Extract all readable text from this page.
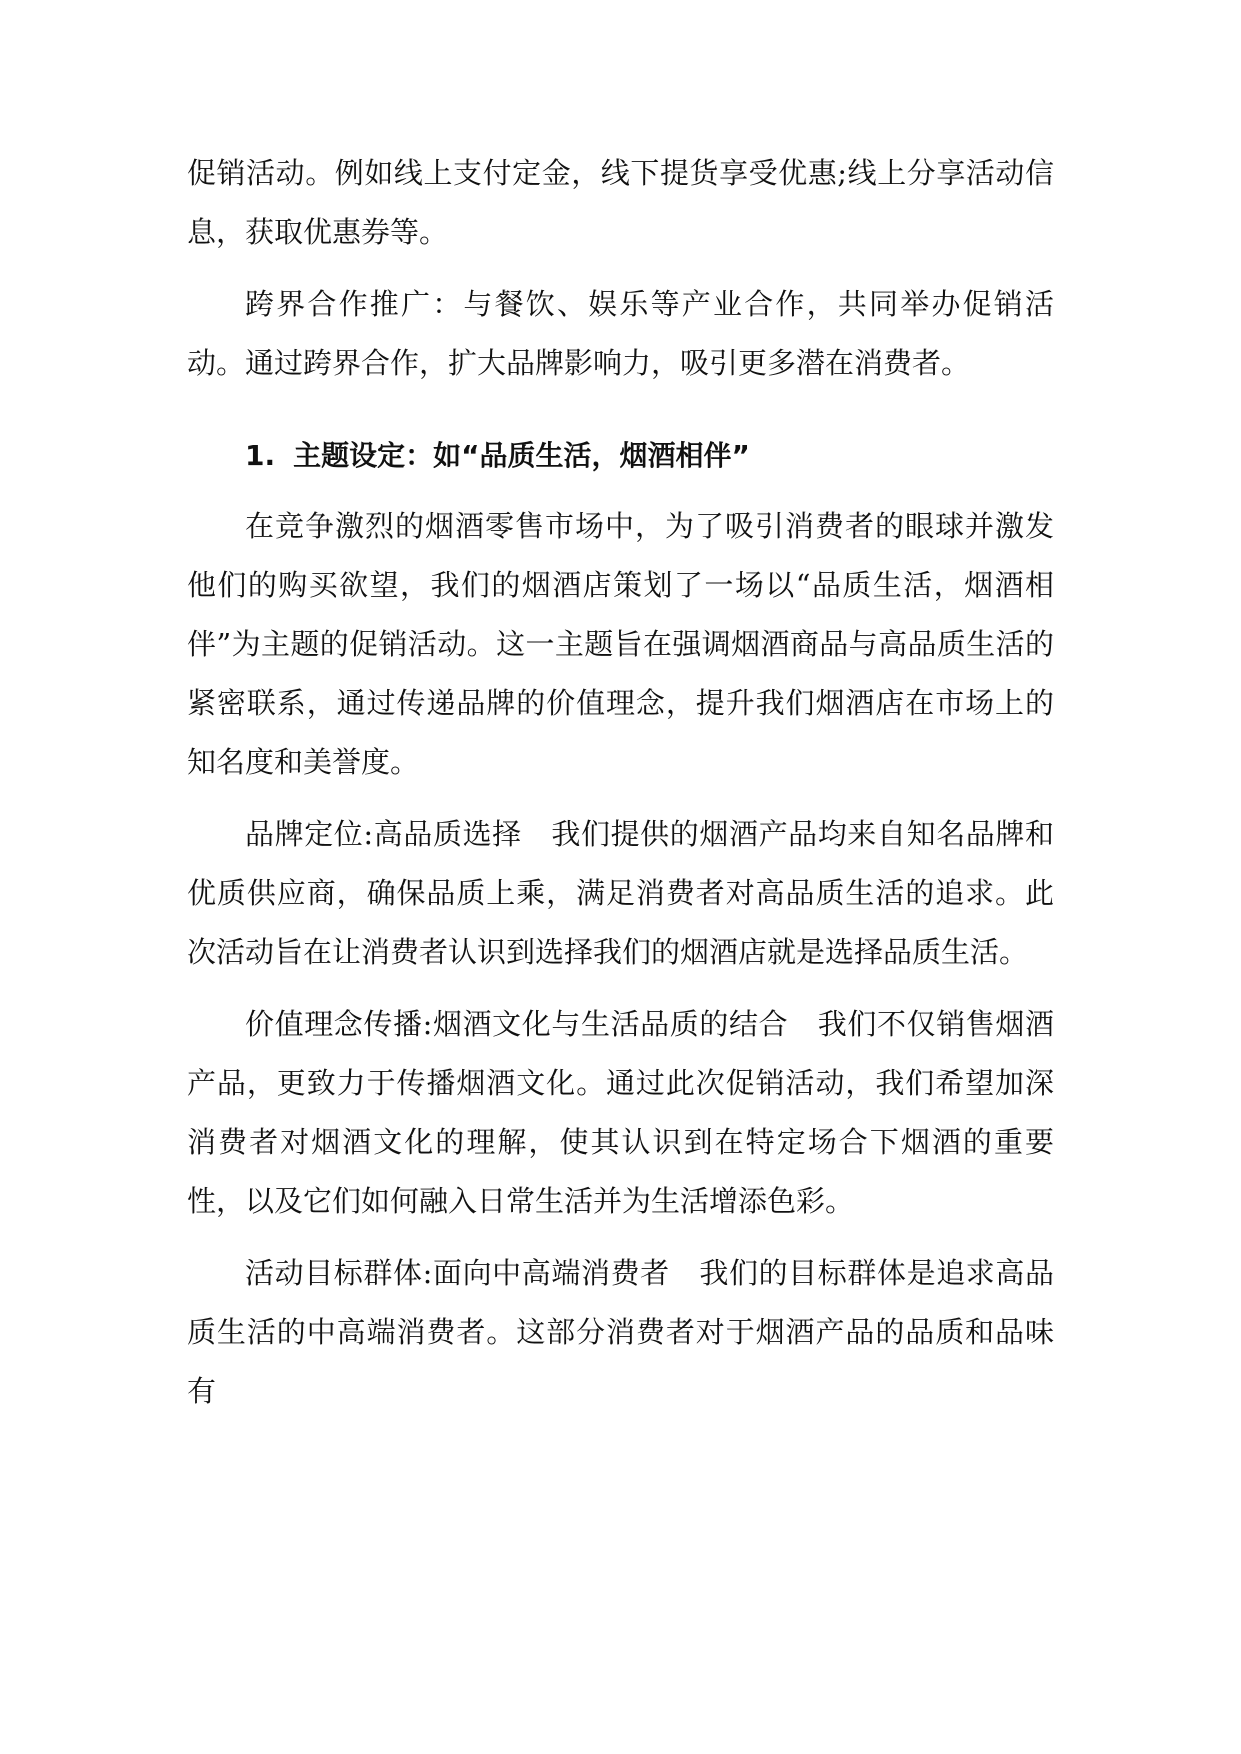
促销活动。例如线上支付定金，线下提货享受优惠;线上分享活动信息，获取优惠券等。

跨界合作推广：与餐饮、娱乐等产业合作，共同举办促销活动。通过跨界合作，扩大品牌影响力，吸引更多潜在消费者。

1. 主题设定：如“品质生活，烟酒相伴”

在竞争激烈的烟酒零售市场中，为了吸引消费者的眼球并激发他们的购买欲望，我们的烟酒店策划了一场以“品质生活，烟酒相伴”为主题的促销活动。这一主题旨在强调烟酒商品与高品质生活的紧密联系，通过传递品牌的价值理念，提升我们烟酒店在市场上的知名度和美誉度。

品牌定位:高品质选择　我们提供的烟酒产品均来自知名品牌和优质供应商，确保品质上乘，满足消费者对高品质生活的追求。此次活动旨在让消费者认识到选择我们的烟酒店就是选择品质生活。

价值理念传播:烟酒文化与生活品质的结合　我们不仅销售烟酒产品，更致力于传播烟酒文化。通过此次促销活动，我们希望加深消费者对烟酒文化的理解，使其认识到在特定场合下烟酒的重要性，以及它们如何融入日常生活并为生活增添色彩。

活动目标群体:面向中高端消费者　我们的目标群体是追求高品质生活的中高端消费者。这部分消费者对于烟酒产品的品质和品味有
